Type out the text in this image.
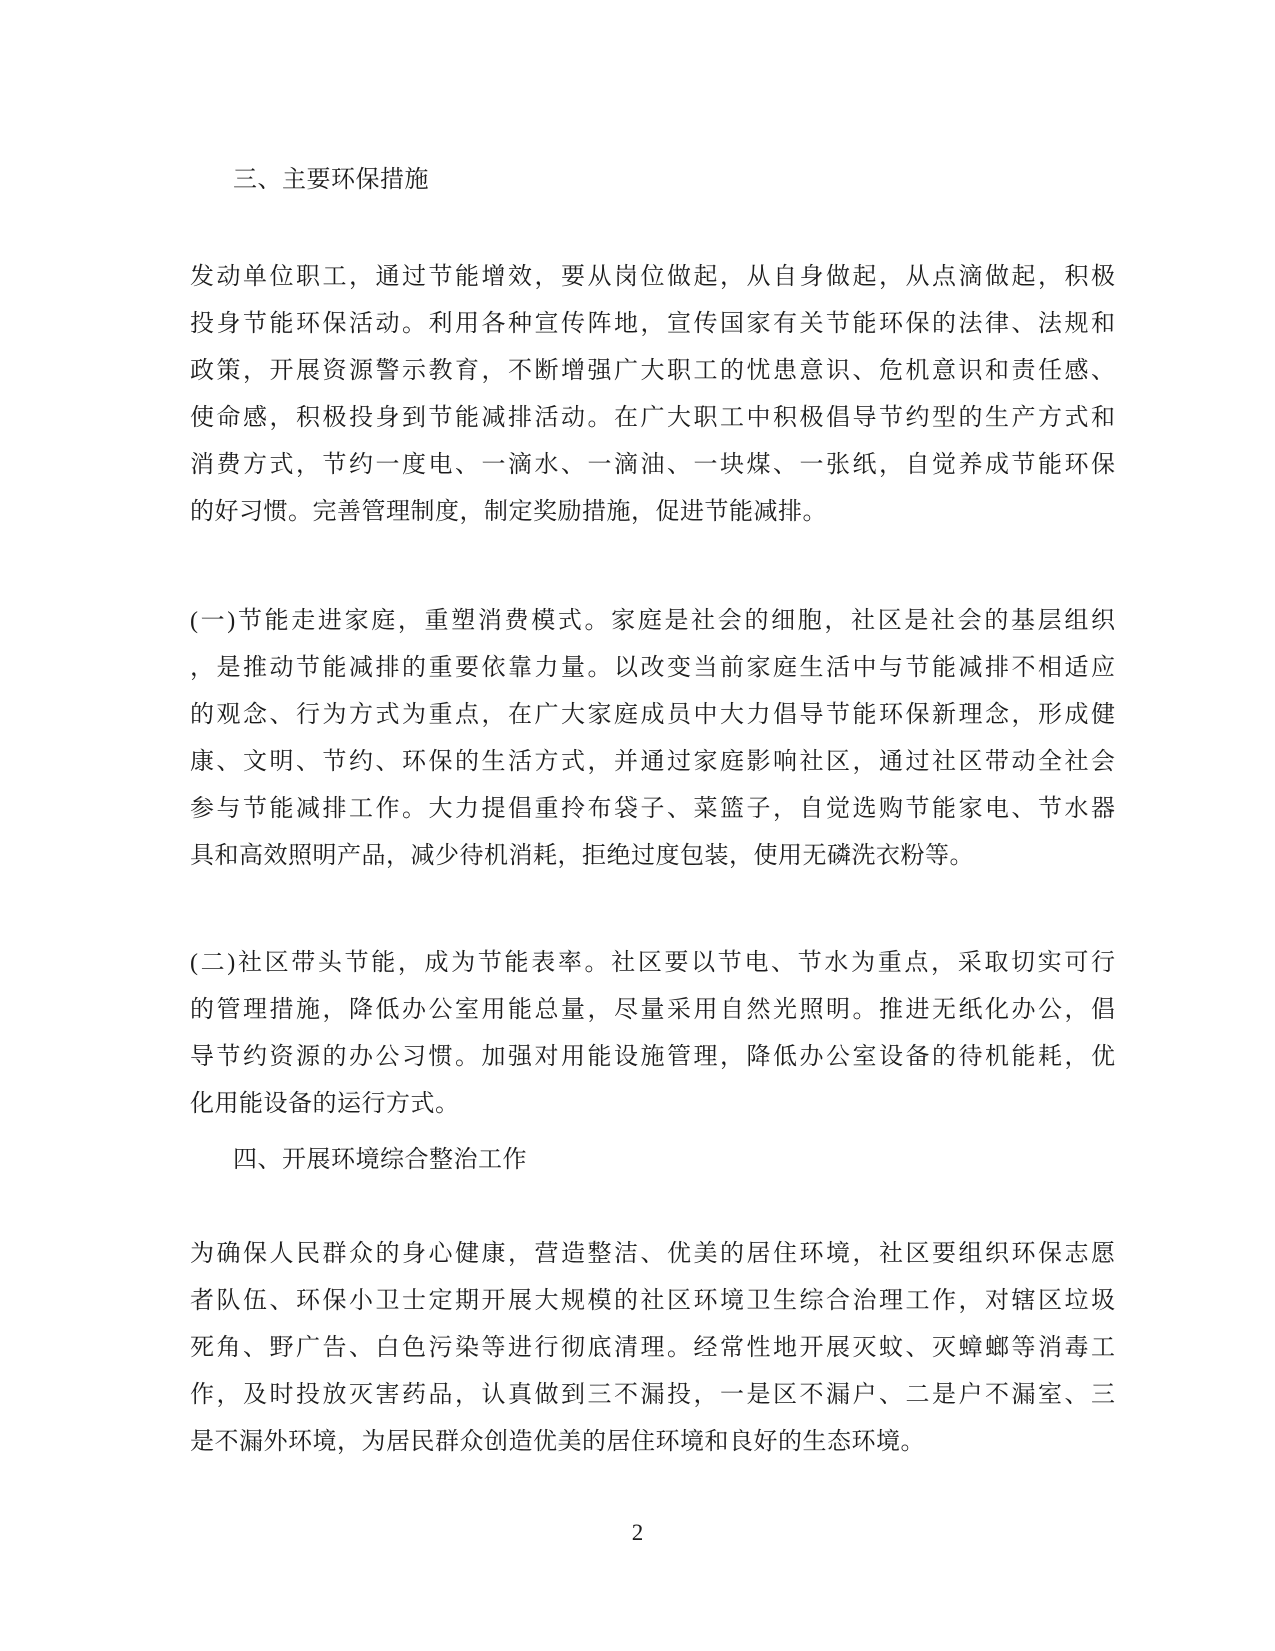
三、主要环保措施
发动单位职工，通过节能增效，要从岗位做起，从自身做起，从点滴做起，积极
投身节能环保活动。利用各种宣传阵地，宣传国家有关节能环保的法律、法规和
政策，开展资源警示教育，不断增强广大职工的忧患意识、危机意识和责任感、
使命感，积极投身到节能减排活动。在广大职工中积极倡导节约型的生产方式和
消费方式，节约一度电、一滴水、一滴油、一块煤、一张纸，自觉养成节能环保
的好习惯。完善管理制度，制定奖励措施，促进节能减排。
(一)节能走进家庭，重塑消费模式。家庭是社会的细胞，社区是社会的基层组织
，是推动节能减排的重要依靠力量。以改变当前家庭生活中与节能减排不相适应
的观念、行为方式为重点，在广大家庭成员中大力倡导节能环保新理念，形成健
康、文明、节约、环保的生活方式，并通过家庭影响社区，通过社区带动全社会
参与节能减排工作。大力提倡重拎布袋子、菜篮子，自觉选购节能家电、节水器
具和高效照明产品，减少待机消耗，拒绝过度包装，使用无磷洗衣粉等。
(二)社区带头节能，成为节能表率。社区要以节电、节水为重点，采取切实可行
的管理措施，降低办公室用能总量，尽量采用自然光照明。推进无纸化办公，倡
导节约资源的办公习惯。加强对用能设施管理，降低办公室设备的待机能耗，优
化用能设备的运行方式。
四、开展环境综合整治工作
为确保人民群众的身心健康，营造整洁、优美的居住环境，社区要组织环保志愿
者队伍、环保小卫士定期开展大规模的社区环境卫生综合治理工作，对辖区垃圾
死角、野广告、白色污染等进行彻底清理。经常性地开展灭蚊、灭蟑螂等消毒工
作，及时投放灭害药品，认真做到三不漏投，一是区不漏户、二是户不漏室、三
是不漏外环境，为居民群众创造优美的居住环境和良好的生态环境。
2
